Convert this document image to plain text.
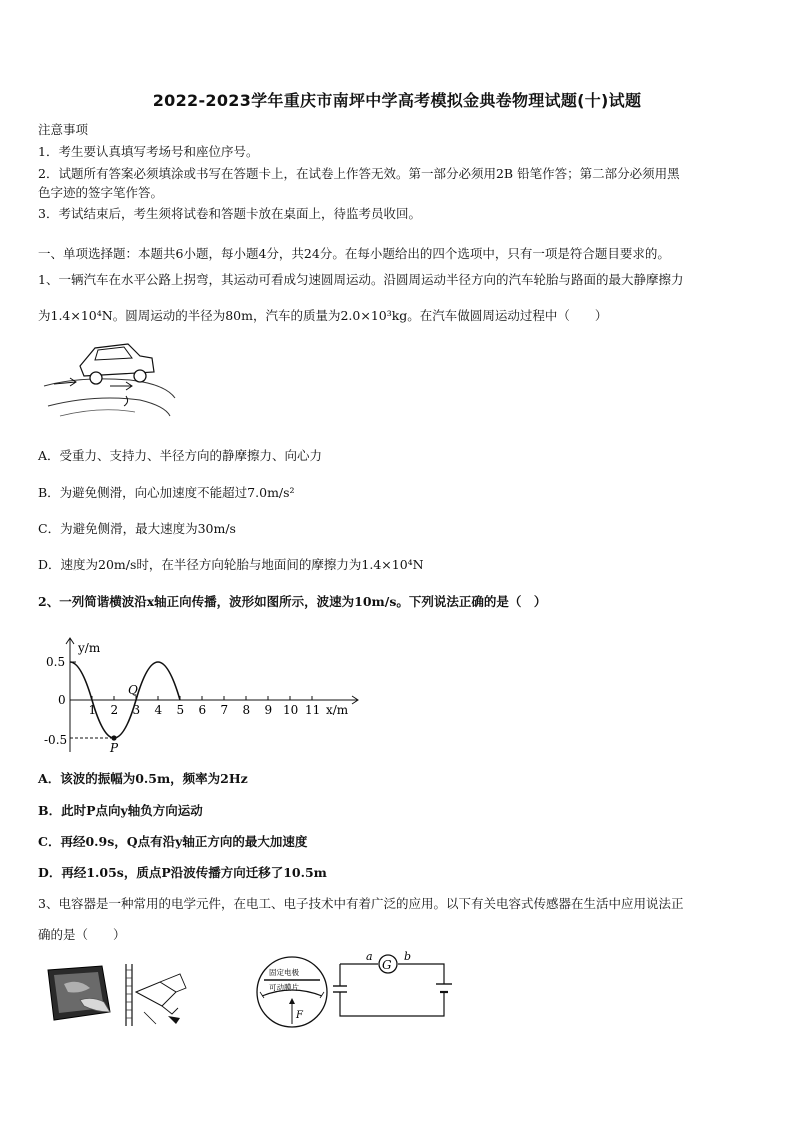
2022-2023学年重庆市南坪中学高考模拟金典卷物理试题(十)试题
注意事项
1．考生要认真填写考场号和座位序号。
2．试题所有答案必须填涂或书写在答题卡上，在试卷上作答无效。第一部分必须用2B 铅笔作答；第二部分必须用黑
色字迹的签字笔作答。
3．考试结束后，考生须将试卷和答题卡放在桌面上，待监考员收回。
一、单项选择题：本题共6小题，每小题4分，共24分。在每小题给出的四个选项中，只有一项是符合题目要求的。
1、一辆汽车在水平公路上拐弯，其运动可看成匀速圆周运动。沿圆周运动半径方向的汽车轮胎与路面的最大静摩擦力
为1.4×10⁴N。圆周运动的半径为80m，汽车的质量为2.0×10³kg。在汽车做圆周运动过程中（　　）
A．受重力、支持力、半径方向的静摩擦力、向心力
B．为避免侧滑，向心加速度不能超过7.0m/s²
C．为避免侧滑，最大速度为30m/s
D．速度为20m/s时，在半径方向轮胎与地面间的摩擦力为1.4×10⁴N
2、一列简谐横波沿x轴正向传播，波形如图所示，波速为10m/s。下列说法正确的是（　）
y/m
x/m
0.5
0
-0.5
1 2 3 4 5 6 7 8 9 10 11
P
Q
A．该波的振幅为0.5m，频率为2Hz
B．此时P点向y轴负方向运动
C．再经0.9s，Q点有沿y轴正方向的最大加速度
D．再经1.05s，质点P沿波传播方向迁移了10.5m
3、电容器是一种常用的电学元件，在电工、电子技术中有着广泛的应用。以下有关电容式传感器在生活中应用说法正
确的是（　　）
固定电极
可动膜片
F
G
a	b
